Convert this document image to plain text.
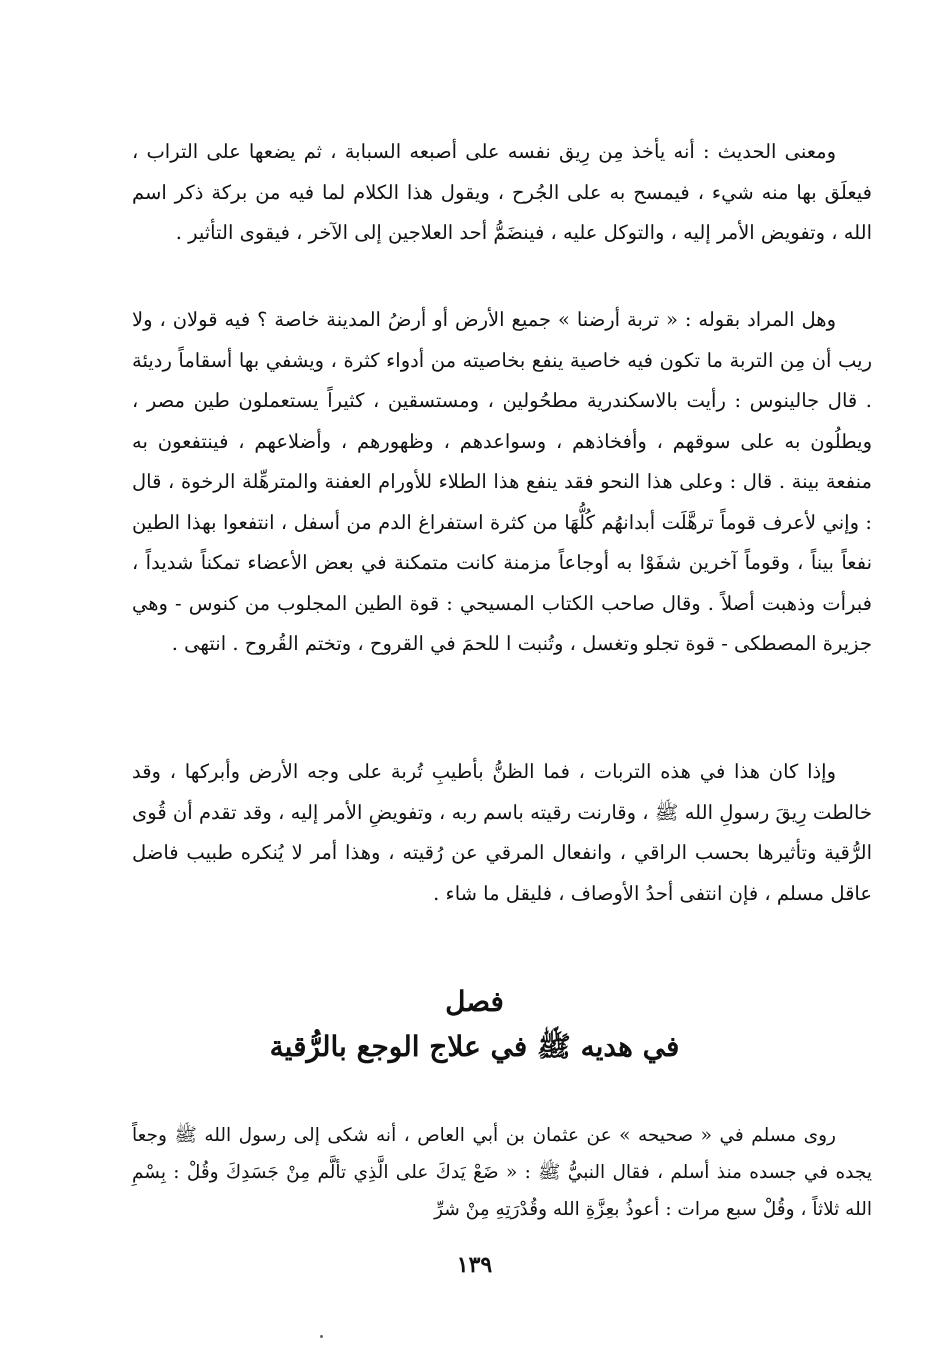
ومعنى الحديث : أنه يأخذ مِن رِيق نفسه على أصبعه السبابة ، ثم يضعها على التراب ، فيعلَق بها منه شيء ، فيمسح به على الجُرح ، ويقول هذا الكلام لما فيه من بركة ذكر اسم الله ، وتفويض الأمر إليه ، والتوكل عليه ، فينضَمُّ أحد العلاجين إلى الآخر ، فيقوى التأثير .

وهل المراد بقوله : « تربة أرضنا » جميع الأرض أو أرضُ المدينة خاصة ؟ فيه قولان ، ولا ريب أن مِن التربة ما تكون فيه خاصية ينفع بخاصيته من أدواء كثرة ، ويشفي بها أسقاماً رديئة . قال جالينوس : رأيت بالاسكندرية مطحُولين ، ومستسقين ، كثيراً يستعملون طين مصر ، ويطلُون به على سوقهم ، وأفخاذهم ، وسواعدهم ، وظهورهم ، وأضلاعهم ، فينتفعون به منفعة بينة . قال : وعلى هذا النحو فقد ينفع هذا الطلاء للأورام العفنة والمترهِّلة الرخوة ، قال : وإني لأعرف قوماً ترهَّلَت أبدانهُم كُلُّهَا من كثرة استفراغ الدم من أسفل ، انتفعوا بهذا الطين نفعاً بيناً ، وقوماً آخرين شفَوْا به أوجاعاً مزمنة كانت متمكنة في بعض الأعضاء تمكناً شديداً ، فبرأت وذهبت أصلاً . وقال صاحب الكتاب المسيحي : قوة الطين المجلوب من كنوس - وهي جزيرة المصطكى - قوة تجلو وتغسل ، وتُنبت ا للحمَ في القروح ، وتختم القُروح . انتهى .

وإذا كان هذا في هذه التربات ، فما الظنُّ بأطيبِ تُربة على وجه الأرض وأبركها ، وقد خالطت رِيقَ رسولِ الله ﷺ ، وقارنت رقيته باسم ربه ، وتفويضِ الأمر إليه ، وقد تقدم أن قُوى الرُّقية وتأثيرها بحسب الراقي ، وانفعال المرقي عن رُقيته ، وهذا أمر لا يُنكره طبيب فاضل عاقل مسلم ، فإن انتفى أحدُ الأوصاف ، فليقل ما شاء .

فصل
في هديه ﷺ في علاج الوجع بالرُّقية

روى مسلم في « صحيحه » عن عثمان بن أبي العاص ، أنه شكى إلى رسول الله ﷺ وجعاً يجده في جسده منذ أسلم ، فقال النبيُّ ﷺ : « ضَعْ يَدكَ على الَّذِي تألَّم مِنْ جَسَدِكَ وقُلْ : بِسْمِ الله ثلاثاً ، وقُلْ سبع مرات : أعوذُ بعِزَّةِ الله وقُدْرَتِهِ مِنْ شرِّ

١٣٩
